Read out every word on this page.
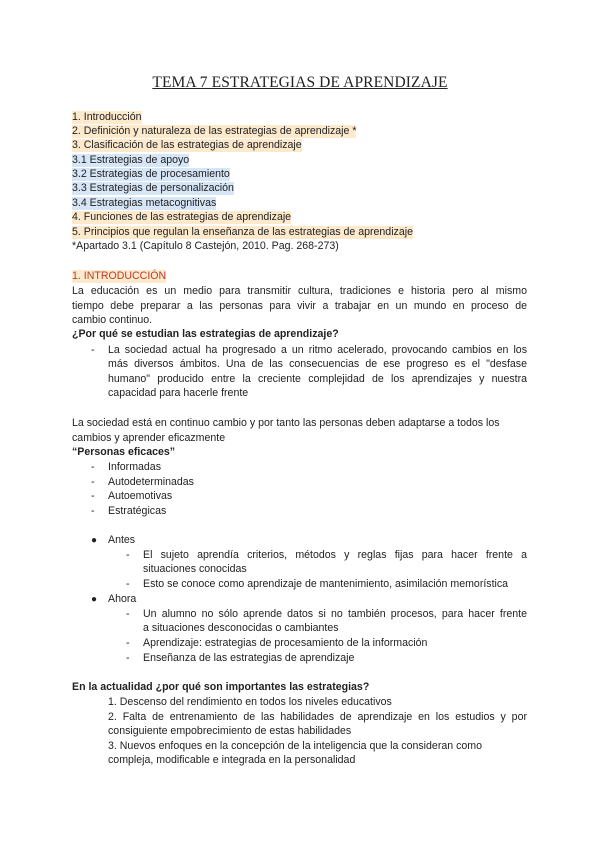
TEMA 7 ESTRATEGIAS DE APRENDIZAJE
1. Introducción
2. Definición y naturaleza de las estrategias de aprendizaje *
3. Clasificación de las estrategias de aprendizaje
3.1 Estrategias de apoyo
3.2 Estrategias de procesamiento
3.3 Estrategias de personalización
3.4 Estrategias metacognitivas
4. Funciones de las estrategias de aprendizaje
5. Principios que regulan la enseñanza de las estrategias de aprendizaje
*Apartado 3.1 (Capítulo 8 Castejón, 2010. Pag. 268-273)
1. INTRODUCCIÓN
La educación es un medio para transmitir cultura, tradiciones e historia pero al mismo
tiempo debe preparar a las personas para vivir a trabajar en un mundo en proceso de
cambio continuo.
¿Por qué se estudian las estrategias de aprendizaje?
- La sociedad actual ha progresado a un ritmo acelerado, provocando cambios en los
más diversos ámbitos. Una de las consecuencias de ese progreso es el "desfase
humano" producido entre la creciente complejidad de los aprendizajes y nuestra
capacidad para hacerle frente
La sociedad está en continuo cambio y por tanto las personas deben adaptarse a todos los
cambios y aprender eficazmente
“Personas eficaces”
- Informadas
- Autodeterminadas
- Autoemotivas
- Estratégicas
● Antes
- El sujeto aprendía criterios, métodos y reglas fijas para hacer frente a
situaciones conocidas
- Esto se conoce como aprendizaje de mantenimiento, asimilación memorística
● Ahora
- Un alumno no sólo aprende datos si no también procesos, para hacer frente
a situaciones desconocidas o cambiantes
- Aprendizaje: estrategias de procesamiento de la información
- Enseñanza de las estrategias de aprendizaje
En la actualidad ¿por qué son importantes las estrategias?
1. Descenso del rendimiento en todos los niveles educativos
2. Falta de entrenamiento de las habilidades de aprendizaje en los estudios y por
consiguiente empobrecimiento de estas habilidades
3. Nuevos enfoques en la concepción de la inteligencia que la consideran como
compleja, modificable e integrada en la personalidad
